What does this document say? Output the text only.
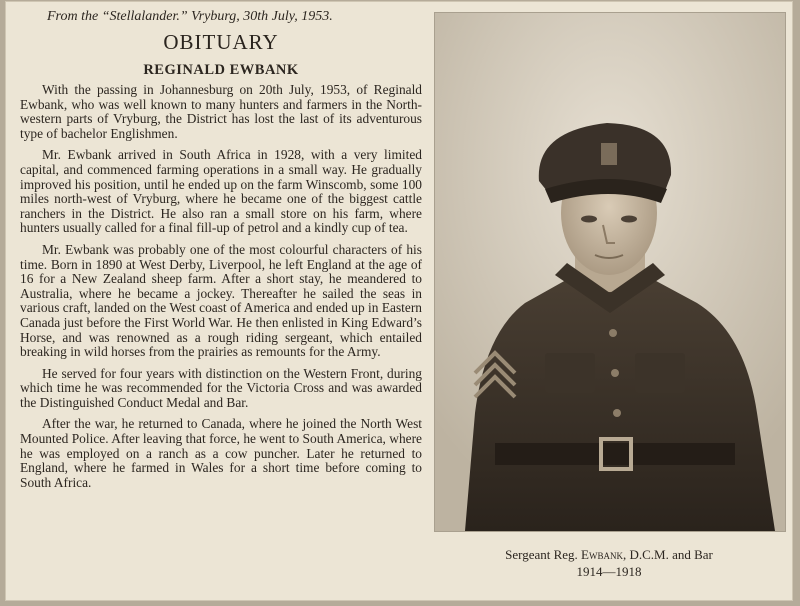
From the “Stellalander.” Vryburg, 30th July, 1953.

OBITUARY
REGINALD EWBANK

With the passing in Johannesburg on 20th July, 1953, of Reginald Ewbank, who was well known to many hunters and farmers in the North-western parts of Vryburg, the District has lost the last of its adventurous type of bachelor Englishmen.

Mr. Ewbank arrived in South Africa in 1928, with a very limited capital, and commenced farming operations in a small way. He gradually improved his position, until he ended up on the farm Winscomb, some 100 miles north-west of Vryburg, where he became one of the biggest cattle ranchers in the District. He also ran a small store on his farm, where hunters usually called for a final fill-up of petrol and a kindly cup of tea.

Mr. Ewbank was probably one of the most colourful characters of his time. Born in 1890 at West Derby, Liverpool, he left England at the age of 16 for a New Zealand sheep farm. After a short stay, he meandered to Australia, where he became a jockey. Thereafter he sailed the seas in various craft, landed on the West coast of America and ended up in Eastern Canada just before the First World War. He then enlisted in King Edward’s Horse, and was renowned as a rough riding sergeant, which entailed breaking in wild horses from the prairies as remounts for the Army.

He served for four years with distinction on the Western Front, during which time he was recommended for the Victoria Cross and was awarded the Distinguished Conduct Medal and Bar.

After the war, he returned to Canada, where he joined the North West Mounted Police. After leaving that force, he went to South America, where he was employed on a ranch as a cow puncher. Later he returned to England, where he farmed in Wales for a short time before coming to South Africa.

Sergeant Reg. Ewbank, D.C.M. and Bar
1914—1918
